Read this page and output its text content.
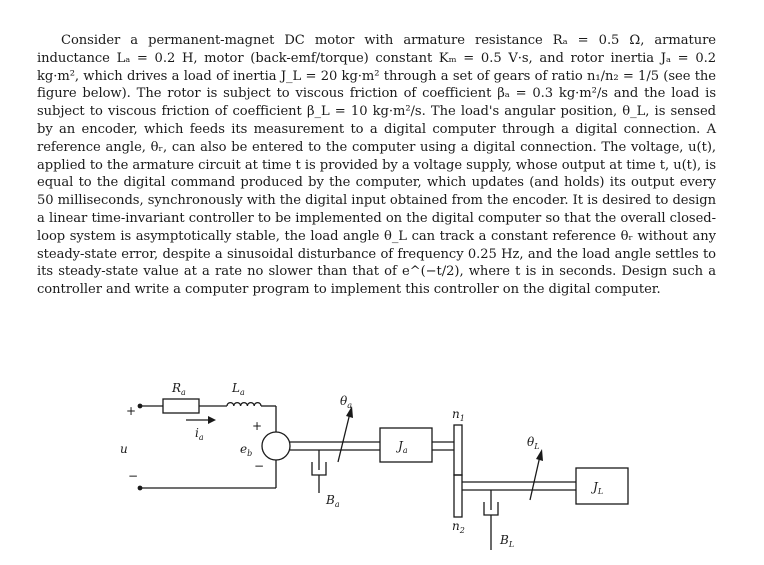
Consider a permanent-magnet DC motor with armature resistance Rₐ = 0.5 Ω, armature inductance Lₐ = 0.2 H, motor (back-emf/torque) constant Kₘ = 0.5 V·s, and rotor inertia Jₐ = 0.2 kg·m², which drives a load of inertia J_L = 20 kg·m² through a set of gears of ratio n₁/n₂ = 1/5 (see the figure below). The rotor is subject to viscous friction of coefficient βₐ = 0.3 kg·m²/s and the load is subject to viscous friction of coefficient β_L = 10 kg·m²/s. The load's angular position, θ_L, is sensed by an encoder, which feeds its measurement to a digital computer through a digital connection. A reference angle, θᵣ, can also be entered to the computer using a digital connection. The voltage, u(t), applied to the armature circuit at time t is provided by a voltage supply, whose output at time t, u(t), is equal to the digital command produced by the computer, which updates (and holds) its output every 50 milliseconds, synchronously with the digital input obtained from the encoder. It is desired to design a linear time-invariant controller to be implemented on the digital computer so that the overall closed-loop system is asymptotically stable, the load angle θ_L can track a constant reference θᵣ without any steady-state error, despite a sinusoidal disturbance of frequency 0.25 Hz, and the load angle settles to its steady-state value at a rate no slower than that of e^(−t/2), where t is in seconds. Design such a controller and write a computer program to implement this controller on the digital computer.

$R_a$	$L_a$
$i_a$
$e_b$
u
+
−
+
−
$\theta_a$
$J_a$
$n_1$
$n_2$
$B_a$
$\theta_L$
$J_L$
$B_L$
